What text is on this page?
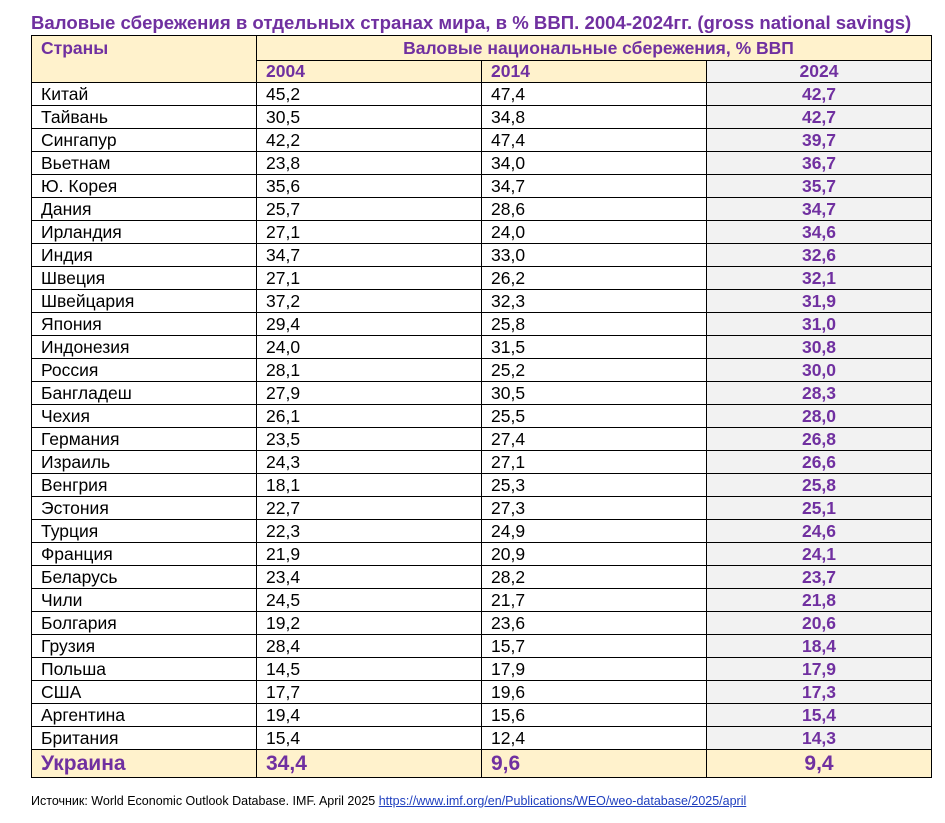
Валовые сбережения в отдельных странах мира, в % ВВП. 2004-2024гг. (gross national savings)
Страны	Валовые национальные сбережения, % ВВП		
	2004	2014	2024
Китай	45,2	47,4	42,7
Тайвань	30,5	34,8	42,7
Сингапур	42,2	47,4	39,7
Вьетнам	23,8	34,0	36,7
Ю. Корея	35,6	34,7	35,7
Дания	25,7	28,6	34,7
Ирландия	27,1	24,0	34,6
Индия	34,7	33,0	32,6
Швеция	27,1	26,2	32,1
Швейцария	37,2	32,3	31,9
Япония	29,4	25,8	31,0
Индонезия	24,0	31,5	30,8
Россия	28,1	25,2	30,0
Бангладеш	27,9	30,5	28,3
Чехия	26,1	25,5	28,0
Германия	23,5	27,4	26,8
Израиль	24,3	27,1	26,6
Венгрия	18,1	25,3	25,8
Эстония	22,7	27,3	25,1
Турция	22,3	24,9	24,6
Франция	21,9	20,9	24,1
Беларусь	23,4	28,2	23,7
Чили	24,5	21,7	21,8
Болгария	19,2	23,6	20,6
Грузия	28,4	15,7	18,4
Польша	14,5	17,9	17,9
США	17,7	19,6	17,3
Аргентина	19,4	15,6	15,4
Британия	15,4	12,4	14,3
Украина	34,4	9,6	9,4
Источник: World Economic Outlook Database. IMF. April 2025 https://www.imf.org/en/Publications/WEO/weo-database/2025/april
